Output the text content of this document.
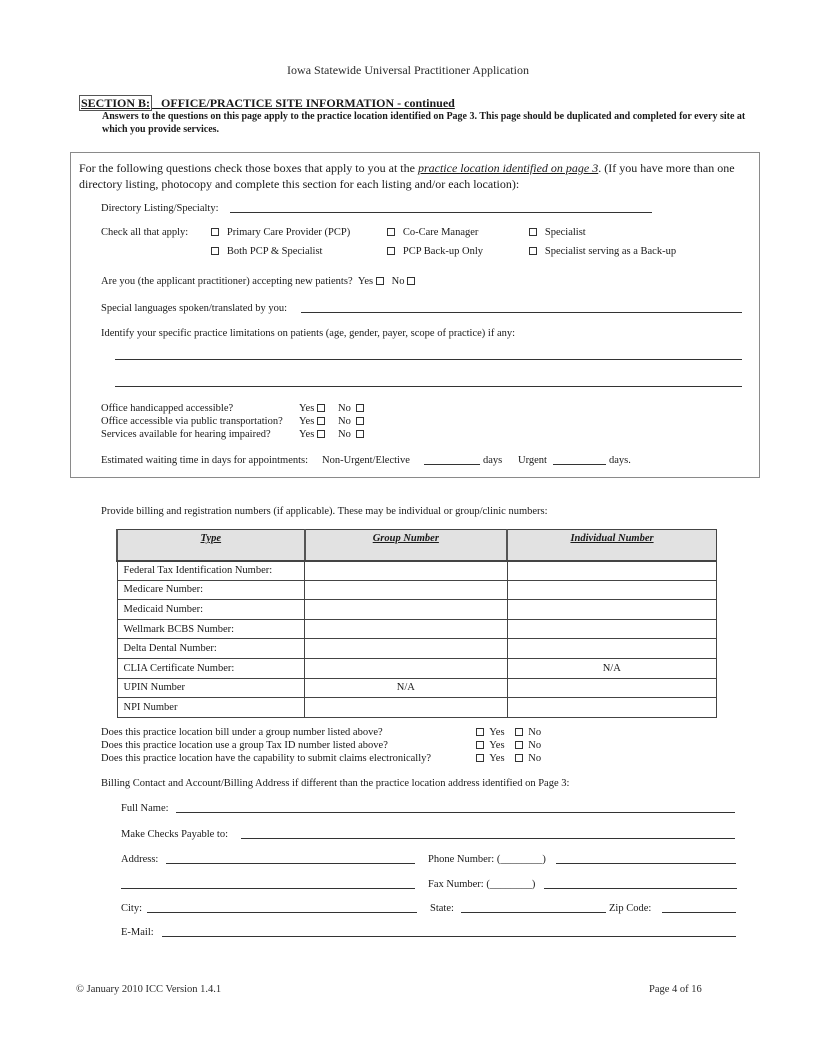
Iowa Statewide Universal Practitioner Application
SECTION B: OFFICE/PRACTICE SITE INFORMATION - continued
Answers to the questions on this page apply to the practice location identified on Page 3. This page should be duplicated and completed for every site at which you provide services.
For the following questions check those boxes that apply to you at the practice location identified on page 3. (If you have more than one directory listing, photocopy and complete this section for each listing and/or each location):
Directory Listing/Specialty:
Check all that apply:	Primary Care Provider (PCP)	Co-Care Manager	Specialist
Both PCP & Specialist	PCP Back-up Only	Specialist serving as a Back-up
Are you (the applicant practitioner) accepting new patients? Yes No
Special languages spoken/translated by you:
Identify your specific practice limitations on patients (age, gender, payer, scope of practice) if any:
Office handicapped accessible?	Yes No
Office accessible via public transportation? Yes No
Services available for hearing impaired?	Yes No
Estimated waiting time in days for appointments: Non-Urgent/Elective	days Urgent	days.
Provide billing and registration numbers (if applicable). These may be individual or group/clinic numbers:
Type	Group Number	Individual Number
Federal Tax Identification Number:		
Medicare Number:		
Medicaid Number:		
Wellmark BCBS Number:		
Delta Dental Number:		
CLIA Certificate Number:		N/A
UPIN Number	N/A	
NPI Number		
Does this practice location bill under a group number listed above?	Yes No
Does this practice location use a group Tax ID number listed above?	Yes No
Does this practice location have the capability to submit claims electronically?	Yes No
Billing Contact and Account/Billing Address if different than the practice location address identified on Page 3:
Full Name:
Make Checks Payable to:
Address:	Phone Number: (________)
Fax Number: (________)
City:	State:	Zip Code:
E-Mail:
© January 2010 ICC Version 1.4.1	Page 4 of 16
